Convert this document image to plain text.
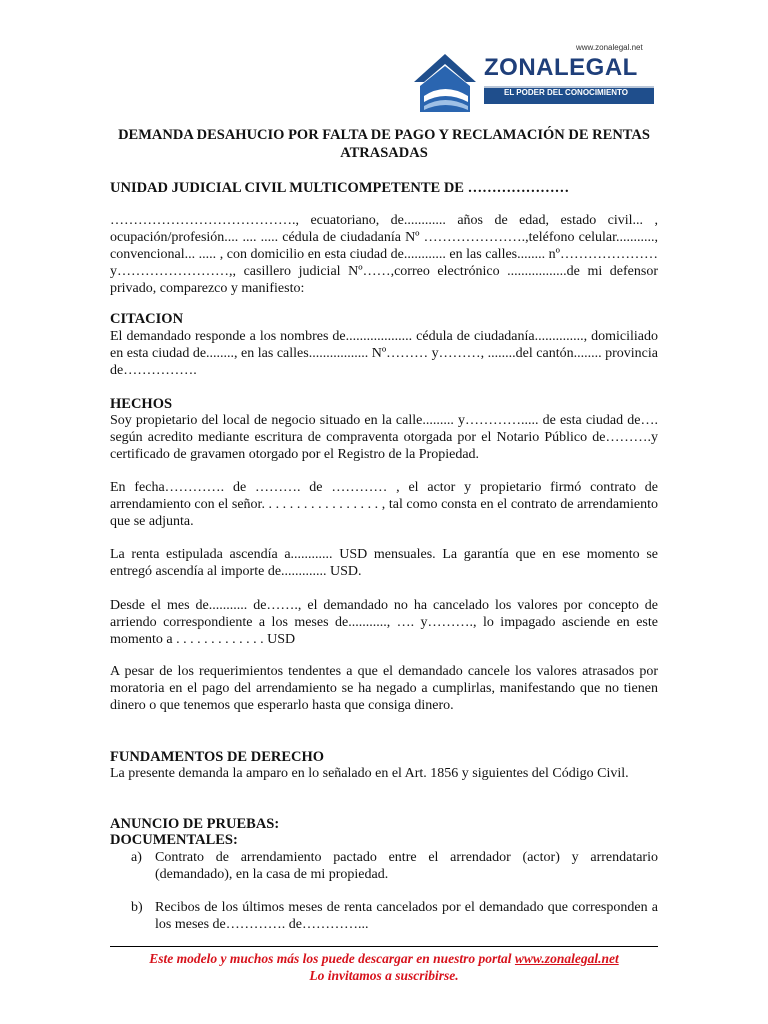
www.zonalegal.net
ZONALEGAL
EL PODER DEL CONOCIMIENTO
DEMANDA DESAHUCIO POR FALTA DE PAGO Y RECLAMACIÓN DE RENTAS ATRASADAS
UNIDAD JUDICIAL CIVIL MULTICOMPETENTE DE …………………
…………………………………., ecuatoriano, de............ años de edad, estado civil... , ocupación/profesión.... .... ..... cédula de ciudadanía Nº ………………….,teléfono celular..........., convencional... ..... , con domicilio en esta ciudad de............ en las calles........ nº………………… y……………………,, casillero judicial Nº……,correo electrónico .................de mi defensor privado, comparezco y manifiesto:
CITACION
El demandado responde a los nombres de................... cédula de ciudadanía.............., domiciliado en esta ciudad de........, en las calles................. Nº……… y………, ........del cantón........ provincia de…………….
HECHOS
Soy propietario del local de negocio situado en la calle......... y…………..... de esta ciudad de…. según acredito mediante escritura de compraventa otorgada por el Notario Público de……….y certificado de gravamen otorgado por el Registro de la Propiedad.
En fecha…………. de ………. de ………… , el actor y propietario firmó contrato de arrendamiento con el señor. . . . . . . . . . . . . . . . . , tal como consta en el contrato de arrendamiento que se adjunta.
La renta estipulada ascendía a............ USD mensuales. La garantía que en ese momento se entregó ascendía al importe de............. USD.
Desde el mes de........... de……., el demandado no ha cancelado los valores por concepto de arriendo correspondiente a los meses de..........., …. y………., lo impagado asciende en este momento a . . . . . . . . . . . . . USD
A pesar de los requerimientos tendentes a que el demandado cancele los valores atrasados por moratoria en el pago del arrendamiento se ha negado a cumplirlas, manifestando que no tienen dinero o que tenemos que esperarlo hasta que consiga dinero.
FUNDAMENTOS DE DERECHO
La presente demanda la amparo en lo señalado en el Art. 1856 y siguientes del Código Civil.
ANUNCIO DE PRUEBAS:
DOCUMENTALES:
a) Contrato de arrendamiento pactado entre el arrendador (actor) y arrendatario (demandado), en la casa de mi propiedad.
b) Recibos de los últimos meses de renta cancelados por el demandado que corresponden a los meses de…………. de…………...
Este modelo y muchos más los puede descargar en nuestro portal www.zonalegal.net
Lo invitamos a suscribirse.
